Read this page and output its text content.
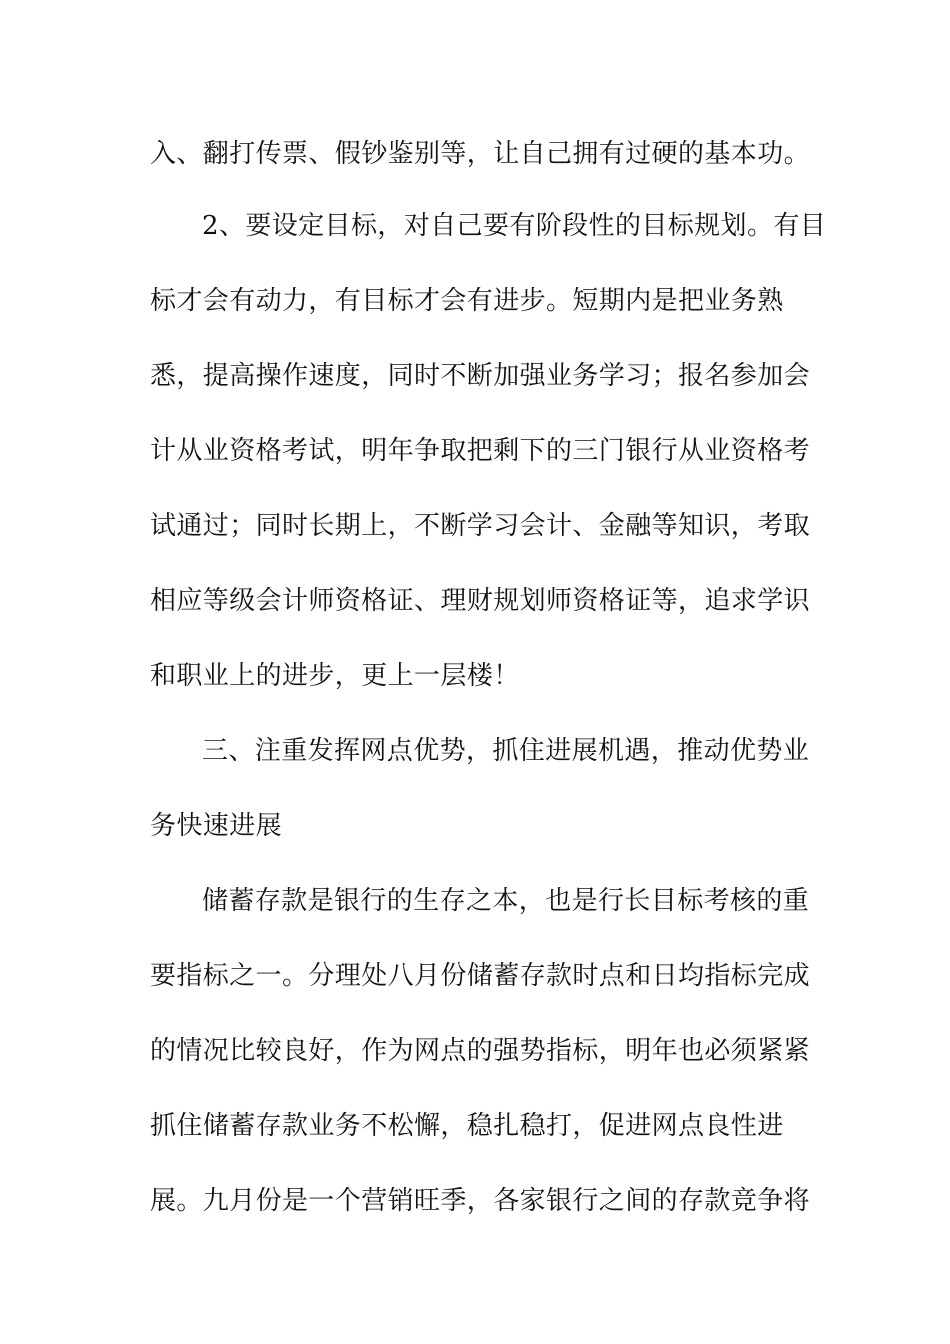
入、翻打传票、假钞鉴别等，让自己拥有过硬的基本功。

2、要设定目标，对自己要有阶段性的目标规划。有目

标才会有动力，有目标才会有进步。短期内是把业务熟

悉，提高操作速度，同时不断加强业务学习；报名参加会

计从业资格考试，明年争取把剩下的三门银行从业资格考

试通过；同时长期上，不断学习会计、金融等知识，考取

相应等级会计师资格证、理财规划师资格证等，追求学识

和职业上的进步，更上一层楼！

三、注重发挥网点优势，抓住进展机遇，推动优势业

务快速进展

储蓄存款是银行的生存之本，也是行长目标考核的重

要指标之一。分理处八月份储蓄存款时点和日均指标完成

的情况比较良好，作为网点的强势指标，明年也必须紧紧

抓住储蓄存款业务不松懈，稳扎稳打，促进网点良性进

展。九月份是一个营销旺季，各家银行之间的存款竞争将
